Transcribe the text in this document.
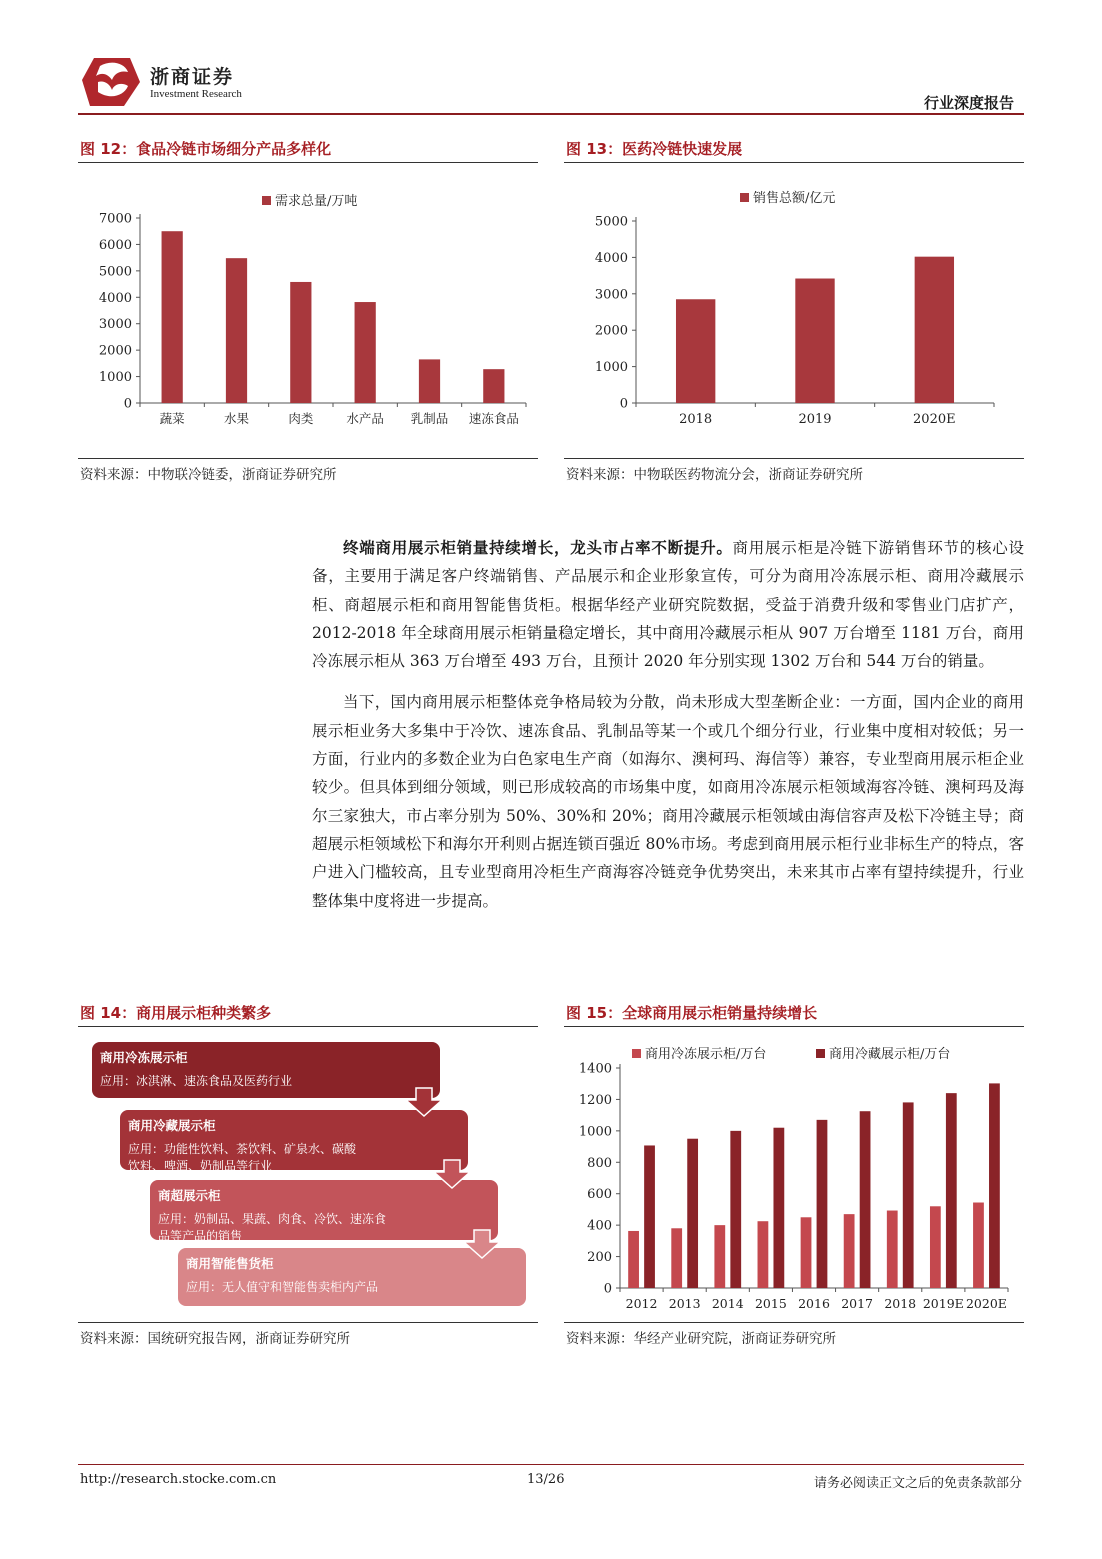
浙商证券
Investment Research	行业深度报告
图 12：食品冷链市场细分产品多样化
0
1000
2000
3000
4000
5000
6000
7000
蔬菜	水果	肉类	水产品 乳制品 速冻食品
需求总量/万吨
资料来源：中物联冷链委，浙商证券研究所
图 13：医药冷链快速发展
0
1000
2000
3000
4000
5000
2018	2019	2020E
销售总额/亿元
资料来源：中物联医药物流分会，浙商证券研究所

终端商用展示柜销量持续增长，龙头市占率不断提升。商用展示柜是冷链下游销售环节的核心设备，主要用于满足客户终端销售、产品展示和企业形象宣传，可分为商用冷冻展示柜、商用冷藏展示柜、商超展示柜和商用智能售货柜。根据华经产业研究院数据，受益于消费升级和零售业门店扩产，2012-2018 年全球商用展示柜销量稳定增长，其中商用冷藏展示柜从 907 万台增至 1181 万台，商用冷冻展示柜从 363 万台增至 493 万台，且预计 2020 年分别实现 1302 万台和 544 万台的销量。

当下，国内商用展示柜整体竞争格局较为分散，尚未形成大型垄断企业：一方面，国内企业的商用展示柜业务大多集中于冷饮、速冻食品、乳制品等某一个或几个细分行业，行业集中度相对较低；另一方面，行业内的多数企业为白色家电生产商（如海尔、澳柯玛、海信等）兼容，专业型商用展示柜企业较少。但具体到细分领域，则已形成较高的市场集中度，如商用冷冻展示柜领域海容冷链、澳柯玛及海尔三家独大，市占率分别为 50%、30%和 20%；商用冷藏展示柜领域由海信容声及松下冷链主导；商超展示柜领域松下和海尔开利则占据连锁百强近 80%市场。考虑到商用展示柜行业非标生产的特点，客户进入门槛较高，且专业型商用冷柜生产商海容冷链竞争优势突出，未来其市占率有望持续提升，行业整体集中度将进一步提高。

图 14：商用展示柜种类繁多
商用冷冻展示柜
应用：冰淇淋、速冻食品及医药行业
商用冷藏展示柜
应用：功能性饮料、茶饮料、矿泉水、碳酸
饮料、啤酒、奶制品等行业
商超展示柜
应用：奶制品、果蔬、肉食、冷饮、速冻食
品等产品的销售
商用智能售货柜
应用：无人值守和智能售卖柜内产品
资料来源：国统研究报告网，浙商证券研究所
图 15：全球商用展示柜销量持续增长
0
200
400
600
800
1000
1200
1400
2012 2013 2014 2015 2016 2017 2018 2019E 2020E
商用冷冻展示柜/万台	商用冷藏展示柜/万台
资料来源：华经产业研究院，浙商证券研究所
http://research.stocke.com.cn	13/26	请务必阅读正文之后的免责条款部分
